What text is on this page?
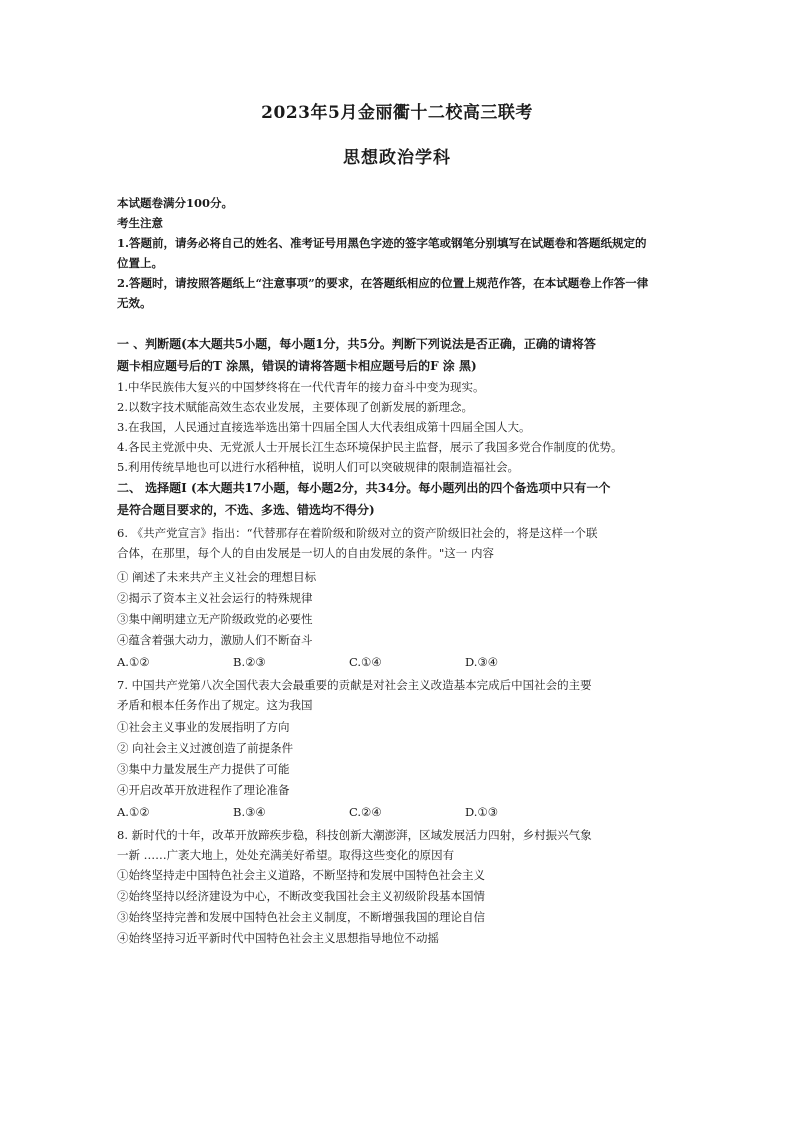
2023年5月金丽衢十二校高三联考
思想政治学科

本试题卷满分100分。

考生注意

1.答题前，请务必将自己的姓名、准考证号用黑色字迹的签字笔或钢笔分别填写在试题卷和答题纸规定的

位置上。

2.答题时，请按照答题纸上“注意事项”的要求，在答题纸相应的位置上规范作答，在本试题卷上作答一律

无效。

一 、判断题(本大题共5小题，每小题1分，共5分。判断下列说法是否正确，正确的请将答

题卡相应题号后的T 涂黑，错误的请将答题卡相应题号后的F 涂 黑)

1.中华民族伟大复兴的中国梦终将在一代代青年的接力奋斗中变为现实。

2.以数字技术赋能高效生态农业发展，主要体现了创新发展的新理念。

3.在我国，人民通过直接选举选出第十四届全国人大代表组成第十四届全国人大。

4.各民主党派中央、无党派人士开展长江生态环境保护民主监督，展示了我国多党合作制度的优势。

5.利用传统旱地也可以进行水稻种植，说明人们可以突破规律的限制造福社会。

二、 选择题I (本大题共17小题，每小题2分，共34分。每小题列出的四个备选项中只有一个

是符合题目要求的，不选、多选、错选均不得分)

6. 《共产党宣言》指出：“代替那存在着阶级和阶级对立的资产阶级旧社会的，将是这样一个联

合体，在那里，每个人的自由发展是一切人的自由发展的条件。"这一 内容

① 阐述了未来共产主义社会的理想目标

②揭示了资本主义社会运行的特殊规律

③集中阐明建立无产阶级政党的必要性

④蕴含着强大动力，激励人们不断奋斗

A.①②	B.②③	C.①④	D.③④

7. 中国共产党第八次全国代表大会最重要的贡献是对社会主义改造基本完成后中国社会的主要

矛盾和根本任务作出了规定。这为我国

①社会主义事业的发展指明了方向

② 向社会主义过渡创造了前提条件

③集中力量发展生产力提供了可能

④开启改革开放进程作了理论准备

A.①②	B.③④	C.②④	D.①③

8. 新时代的十年，改革开放蹄疾步稳，科技创新大潮澎湃，区域发展活力四射，乡村振兴气象

一新 ……广袤大地上，处处充满美好希望。取得这些变化的原因有

①始终坚持走中国特色社会主义道路，不断坚持和发展中国特色社会主义

②始终坚持以经济建设为中心，不断改变我国社会主义初级阶段基本国情

③始终坚持完善和发展中国特色社会主义制度，不断增强我国的理论自信

④始终坚持习近平新时代中国特色社会主义思想指导地位不动摇
